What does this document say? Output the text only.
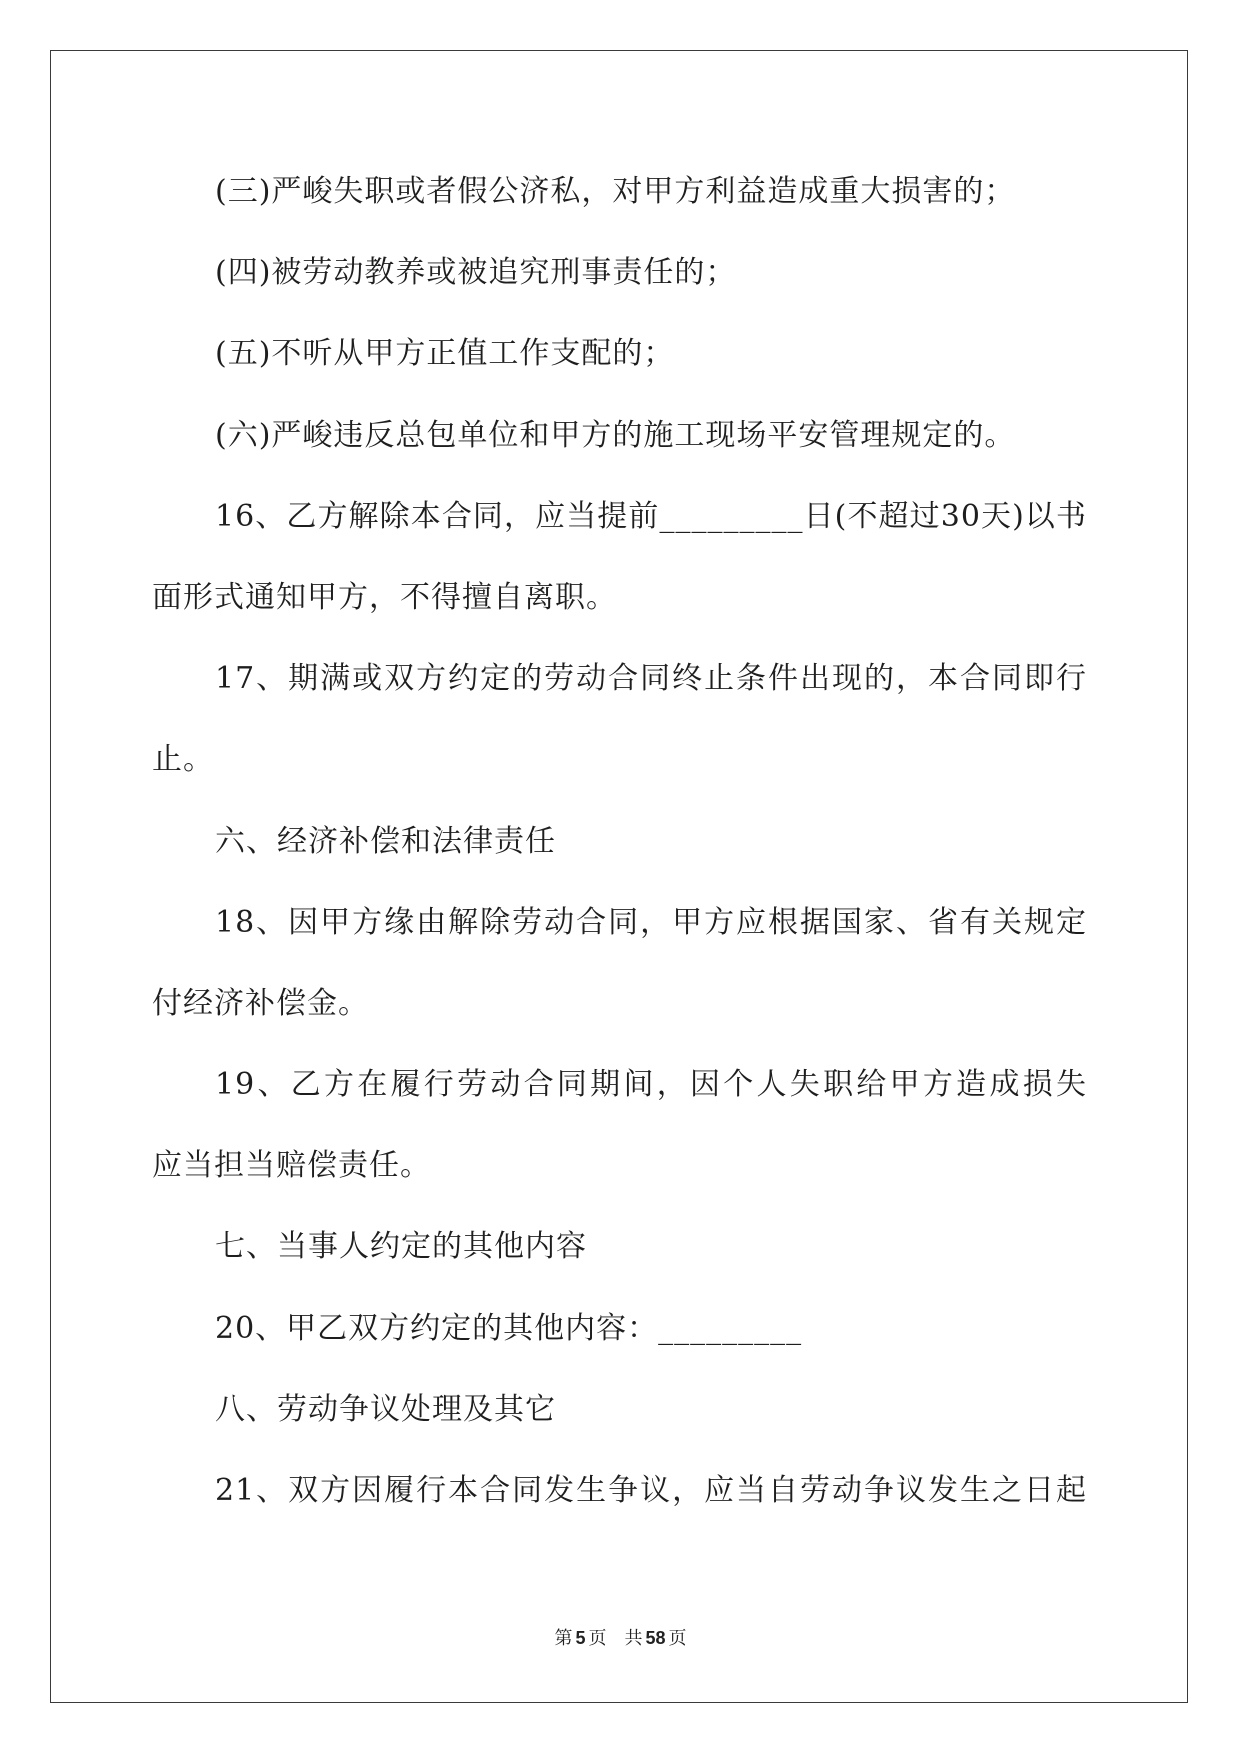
(三)严峻失职或者假公济私，对甲方利益造成重大损害的；
(四)被劳动教养或被追究刑事责任的；
(五)不听从甲方正值工作支配的；
(六)严峻违反总包单位和甲方的施工现场平安管理规定的。
16、乙方解除本合同，应当提前_________日(不超过30天)以书
面形式通知甲方，不得擅自离职。
17、期满或双方约定的劳动合同终止条件出现的，本合同即行
止。
六、经济补偿和法律责任
18、因甲方缘由解除劳动合同，甲方应根据国家、省有关规定
付经济补偿金。
19、乙方在履行劳动合同期间，因个人失职给甲方造成损失
应当担当赔偿责任。
七、当事人约定的其他内容
20、甲乙双方约定的其他内容：_________
八、劳动争议处理及其它
21、双方因履行本合同发生争议，应当自劳动争议发生之日起
第 5 页 共 58 页
